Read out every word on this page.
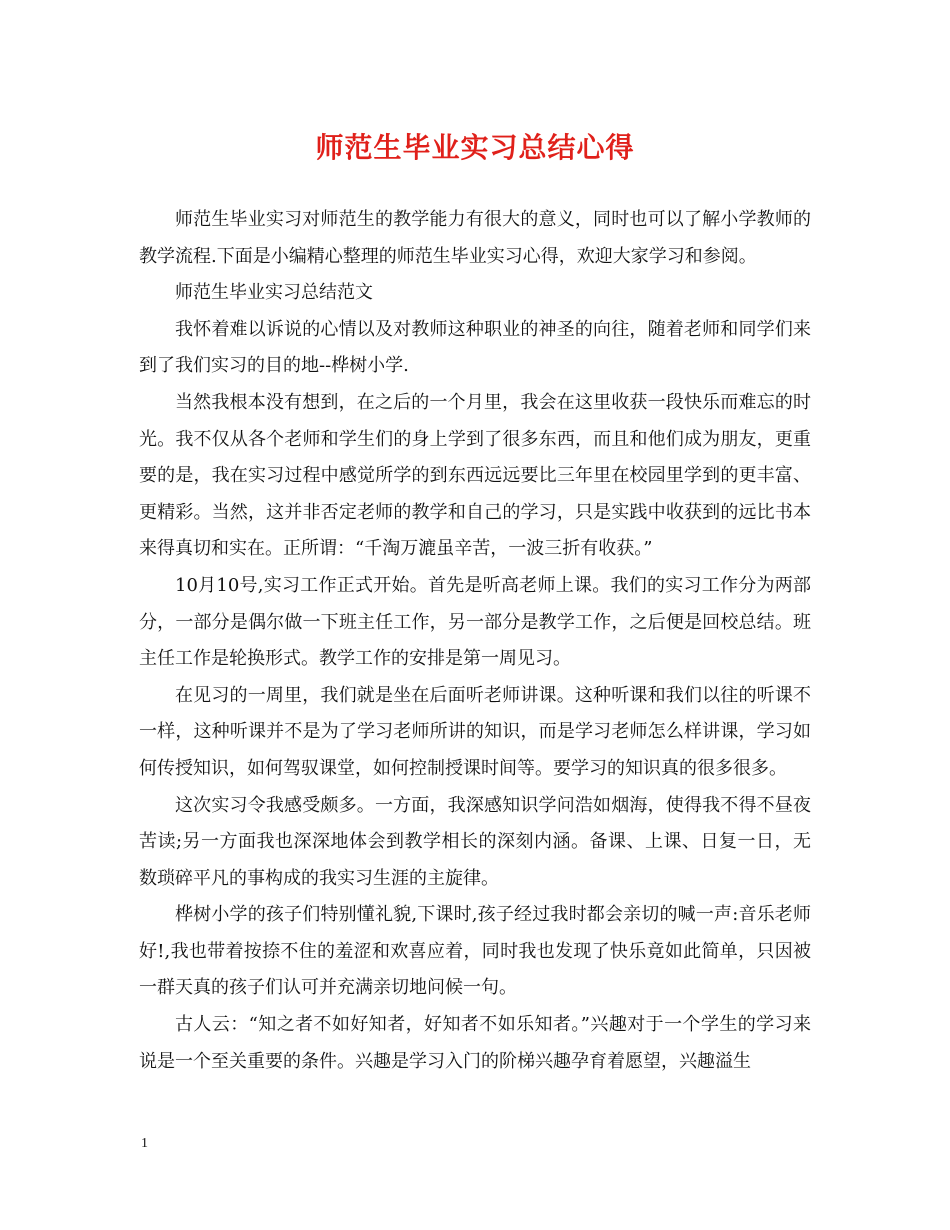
师范生毕业实习总结心得

师范生毕业实习对师范生的教学能力有很大的意义，同时也可以了解小学教师的教学流程.下面是小编精心整理的师范生毕业实习心得，欢迎大家学习和参阅。

师范生毕业实习总结范文

我怀着难以诉说的心情以及对教师这种职业的神圣的向往，随着老师和同学们来到了我们实习的目的地--桦树小学.

当然我根本没有想到，在之后的一个月里，我会在这里收获一段快乐而难忘的时光。我不仅从各个老师和学生们的身上学到了很多东西，而且和他们成为朋友，更重要的是，我在实习过程中感觉所学的到东西远远要比三年里在校园里学到的更丰富、更精彩。当然，这并非否定老师的教学和自己的学习，只是实践中收获到的远比书本来得真切和实在。正所谓：“千淘万漉虽辛苦，一波三折有收获。”

10月10号,实习工作正式开始。首先是听高老师上课。我们的实习工作分为两部分，一部分是偶尔做一下班主任工作，另一部分是教学工作，之后便是回校总结。班主任工作是轮换形式。教学工作的安排是第一周见习。

在见习的一周里，我们就是坐在后面听老师讲课。这种听课和我们以往的听课不一样，这种听课并不是为了学习老师所讲的知识，而是学习老师怎么样讲课，学习如何传授知识，如何驾驭课堂，如何控制授课时间等。要学习的知识真的很多很多。

这次实习令我感受颇多。一方面，我深感知识学问浩如烟海，使得我不得不昼夜苦读;另一方面我也深深地体会到教学相长的深刻内涵。备课、上课、日复一日，无数琐碎平凡的事构成的我实习生涯的主旋律。

桦树小学的孩子们特别懂礼貌,下课时,孩子经过我时都会亲切的喊一声:音乐老师好!,我也带着按捺不住的羞涩和欢喜应着，同时我也发现了快乐竟如此简单，只因被一群天真的孩子们认可并充满亲切地问候一句。

古人云：“知之者不如好知者，好知者不如乐知者。”兴趣对于一个学生的学习来说是一个至关重要的条件。兴趣是学习入门的阶梯兴趣孕育着愿望，兴趣溢生

1
